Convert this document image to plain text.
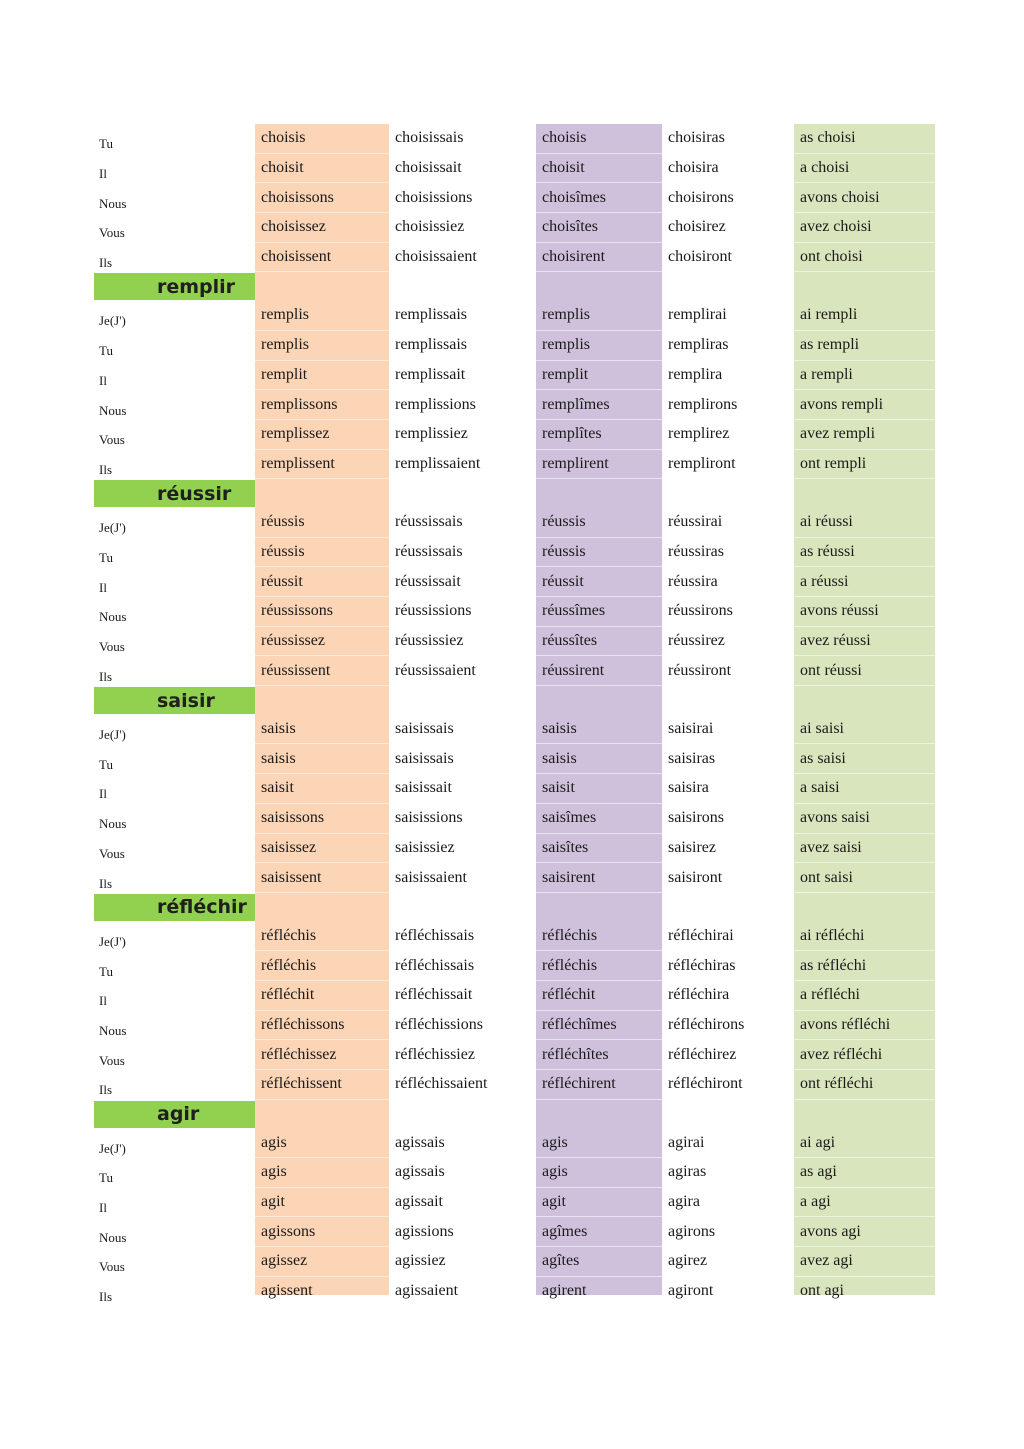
Tu	choisis	choisissais	choisis	choisiras	as choisi
Il	choisit	choisissait	choisit	choisira	a choisi
Nous	choisissons	choisissions	choisîmes	choisirons	avons choisi
Vous	choisissez	choisissiez	choisîtes	choisirez	avez choisi
Ils	choisissent	choisissaient	choisirent	choisiront	ont choisi
remplir
Je(J')	remplis	remplissais	remplis	remplirai	ai rempli
Tu	remplis	remplissais	remplis	rempliras	as rempli
Il	remplit	remplissait	remplit	remplira	a rempli
Nous	remplissons	remplissions	remplîmes	remplirons	avons rempli
Vous	remplissez	remplissiez	remplîtes	remplirez	avez rempli
Ils	remplissent	remplissaient	remplirent	rempliront	ont rempli
réussir
Je(J')	réussis	réussissais	réussis	réussirai	ai réussi
Tu	réussis	réussissais	réussis	réussiras	as réussi
Il	réussit	réussissait	réussit	réussira	a réussi
Nous	réussissons	réussissions	réussîmes	réussirons	avons réussi
Vous	réussissez	réussissiez	réussîtes	réussirez	avez réussi
Ils	réussissent	réussissaient	réussirent	réussiront	ont réussi
saisir
Je(J')	saisis	saisissais	saisis	saisirai	ai saisi
Tu	saisis	saisissais	saisis	saisiras	as saisi
Il	saisit	saisissait	saisit	saisira	a saisi
Nous	saisissons	saisissions	saisîmes	saisirons	avons saisi
Vous	saisissez	saisissiez	saisîtes	saisirez	avez saisi
Ils	saisissent	saisissaient	saisirent	saisiront	ont saisi
réfléchir
Je(J')	réfléchis	réfléchissais	réfléchis	réfléchirai	ai réfléchi
Tu	réfléchis	réfléchissais	réfléchis	réfléchiras	as réfléchi
Il	réfléchit	réfléchissait	réfléchit	réfléchira	a réfléchi
Nous	réfléchissons	réfléchissions	réfléchîmes	réfléchirons	avons réfléchi
Vous	réfléchissez	réfléchissiez	réfléchîtes	réfléchirez	avez réfléchi
Ils	réfléchissent	réfléchissaient	réfléchirent	réfléchiront	ont réfléchi
agir
Je(J')	agis	agissais	agis	agirai	ai agi
Tu	agis	agissais	agis	agiras	as agi
Il	agit	agissait	agit	agira	a agi
Nous	agissons	agissions	agîmes	agirons	avons agi
Vous	agissez	agissiez	agîtes	agirez	avez agi
Ils	agissent	agissaient	agirent	agiront	ont agi
